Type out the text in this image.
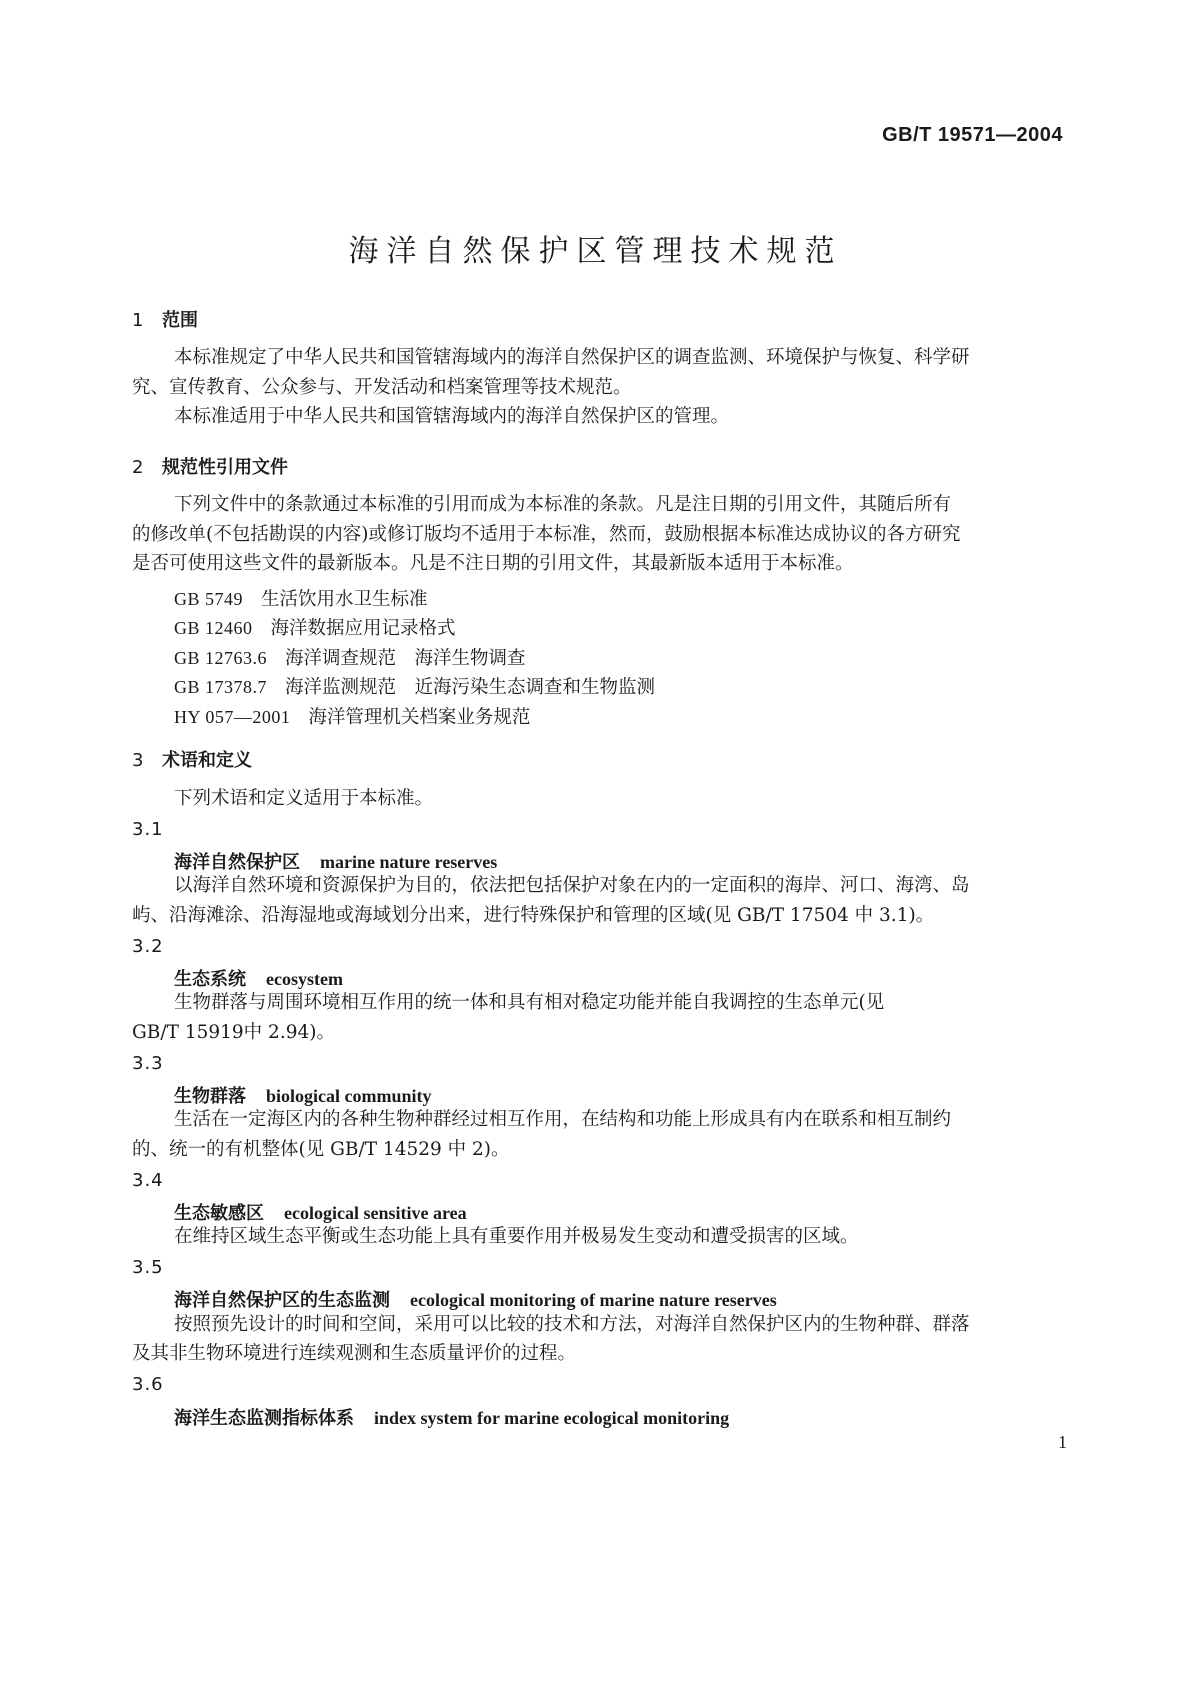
GB/T 19571—2004
海洋自然保护区管理技术规范
1 范围
本标准规定了中华人民共和国管辖海域内的海洋自然保护区的调查监测、环境保护与恢复、科学研
究、宣传教育、公众参与、开发活动和档案管理等技术规范。
本标准适用于中华人民共和国管辖海域内的海洋自然保护区的管理。
2 规范性引用文件
下列文件中的条款通过本标准的引用而成为本标准的条款。凡是注日期的引用文件，其随后所有
的修改单(不包括勘误的内容)或修订版均不适用于本标准，然而，鼓励根据本标准达成协议的各方研究
是否可使用这些文件的最新版本。凡是不注日期的引用文件，其最新版本适用于本标准。
GB 5749 生活饮用水卫生标准
GB 12460 海洋数据应用记录格式
GB 12763.6 海洋调查规范　海洋生物调查
GB 17378.7 海洋监测规范　近海污染生态调查和生物监测
HY 057—2001 海洋管理机关档案业务规范
3 术语和定义
下列术语和定义适用于本标准。
3.1
海洋自然保护区 marine nature reserves
以海洋自然环境和资源保护为目的，依法把包括保护对象在内的一定面积的海岸、河口、海湾、岛
屿、沿海滩涂、沿海湿地或海域划分出来，进行特殊保护和管理的区域(见 GB/T 17504 中 3.1)。
3.2
生态系统 ecosystem
生物群落与周围环境相互作用的统一体和具有相对稳定功能并能自我调控的生态单元(见
GB/T 15919中 2.94)。
3.3
生物群落 biological community
生活在一定海区内的各种生物种群经过相互作用，在结构和功能上形成具有内在联系和相互制约
的、统一的有机整体(见 GB/T 14529 中 2)。
3.4
生态敏感区 ecological sensitive area
在维持区域生态平衡或生态功能上具有重要作用并极易发生变动和遭受损害的区域。
3.5
海洋自然保护区的生态监测 ecological monitoring of marine nature reserves
按照预先设计的时间和空间，采用可以比较的技术和方法，对海洋自然保护区内的生物种群、群落
及其非生物环境进行连续观测和生态质量评价的过程。
3.6
海洋生态监测指标体系 index system for marine ecological monitoring
1
